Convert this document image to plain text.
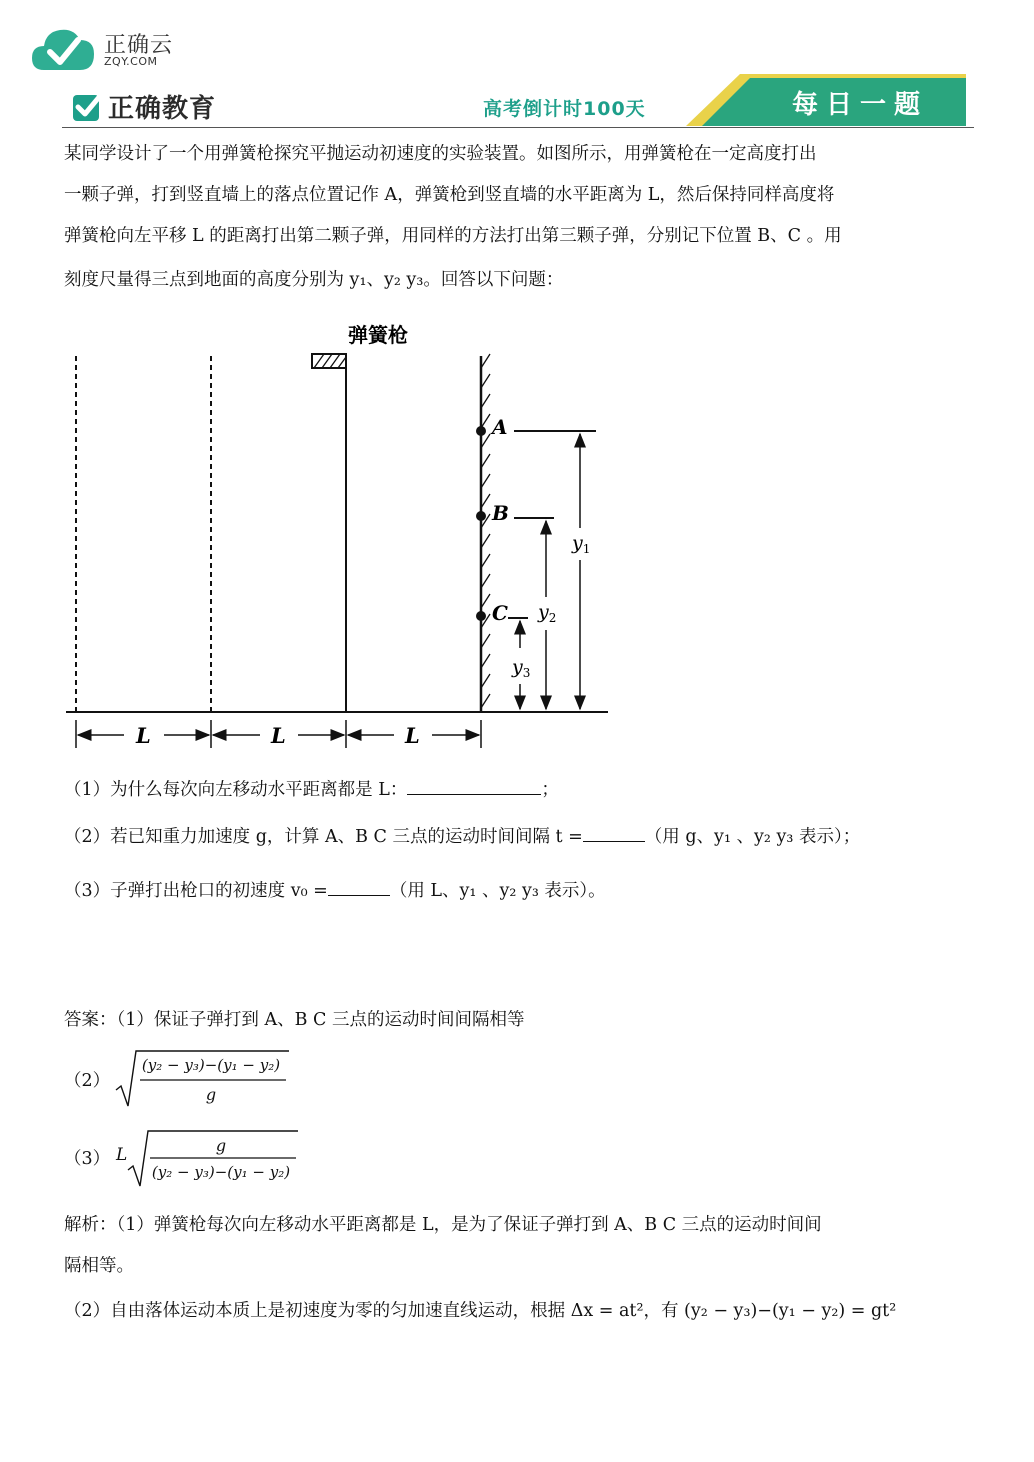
正确云
ZQY.COM
正确教育	高考倒计时100天	每日一题
某同学设计了一个用弹簧枪探究平抛运动初速度的实验装置。如图所示，用弹簧枪在一定高度打出
一颗子弹，打到竖直墙上的落点位置记作 A，弹簧枪到竖直墙的水平距离为 L，然后保持同样高度将
弹簧枪向左平移 L 的距离打出第二颗子弹，用同样的方法打出第三颗子弹，分别记下位置 B、C 。用
刻度尺量得三点到地面的高度分别为 y₁、y₂ y₃。回答以下问题：
弹簧枪
A
B
C
$y_1$
$y_2$
$y_3$
L	L	L
（1）为什么每次向左移动水平距离都是 L：	；
（2）若已知重力加速度 g，计算 A、B C 三点的运动时间间隔 t =	（用 g、y₁ 、y₂ y₃ 表示）；
（3）子弹打出枪口的初速度 v₀ =	（用 L、y₁ 、y₂ y₃ 表示）。
答案：（1）保证子弹打到 A、B C 三点的运动时间间隔相等
（2）
(y₂ − y₃)−(y₁ − y₂)
g
（3） L	g
(y₂ − y₃)−(y₁ − y₂)
解析：（1）弹簧枪每次向左移动水平距离都是 L，是为了保证子弹打到 A、B C 三点的运动时间间
隔相等。
（2）自由落体运动本质上是初速度为零的匀加速直线运动，根据 Δx = at²，有 (y₂ − y₃)−(y₁ − y₂) = gt²
